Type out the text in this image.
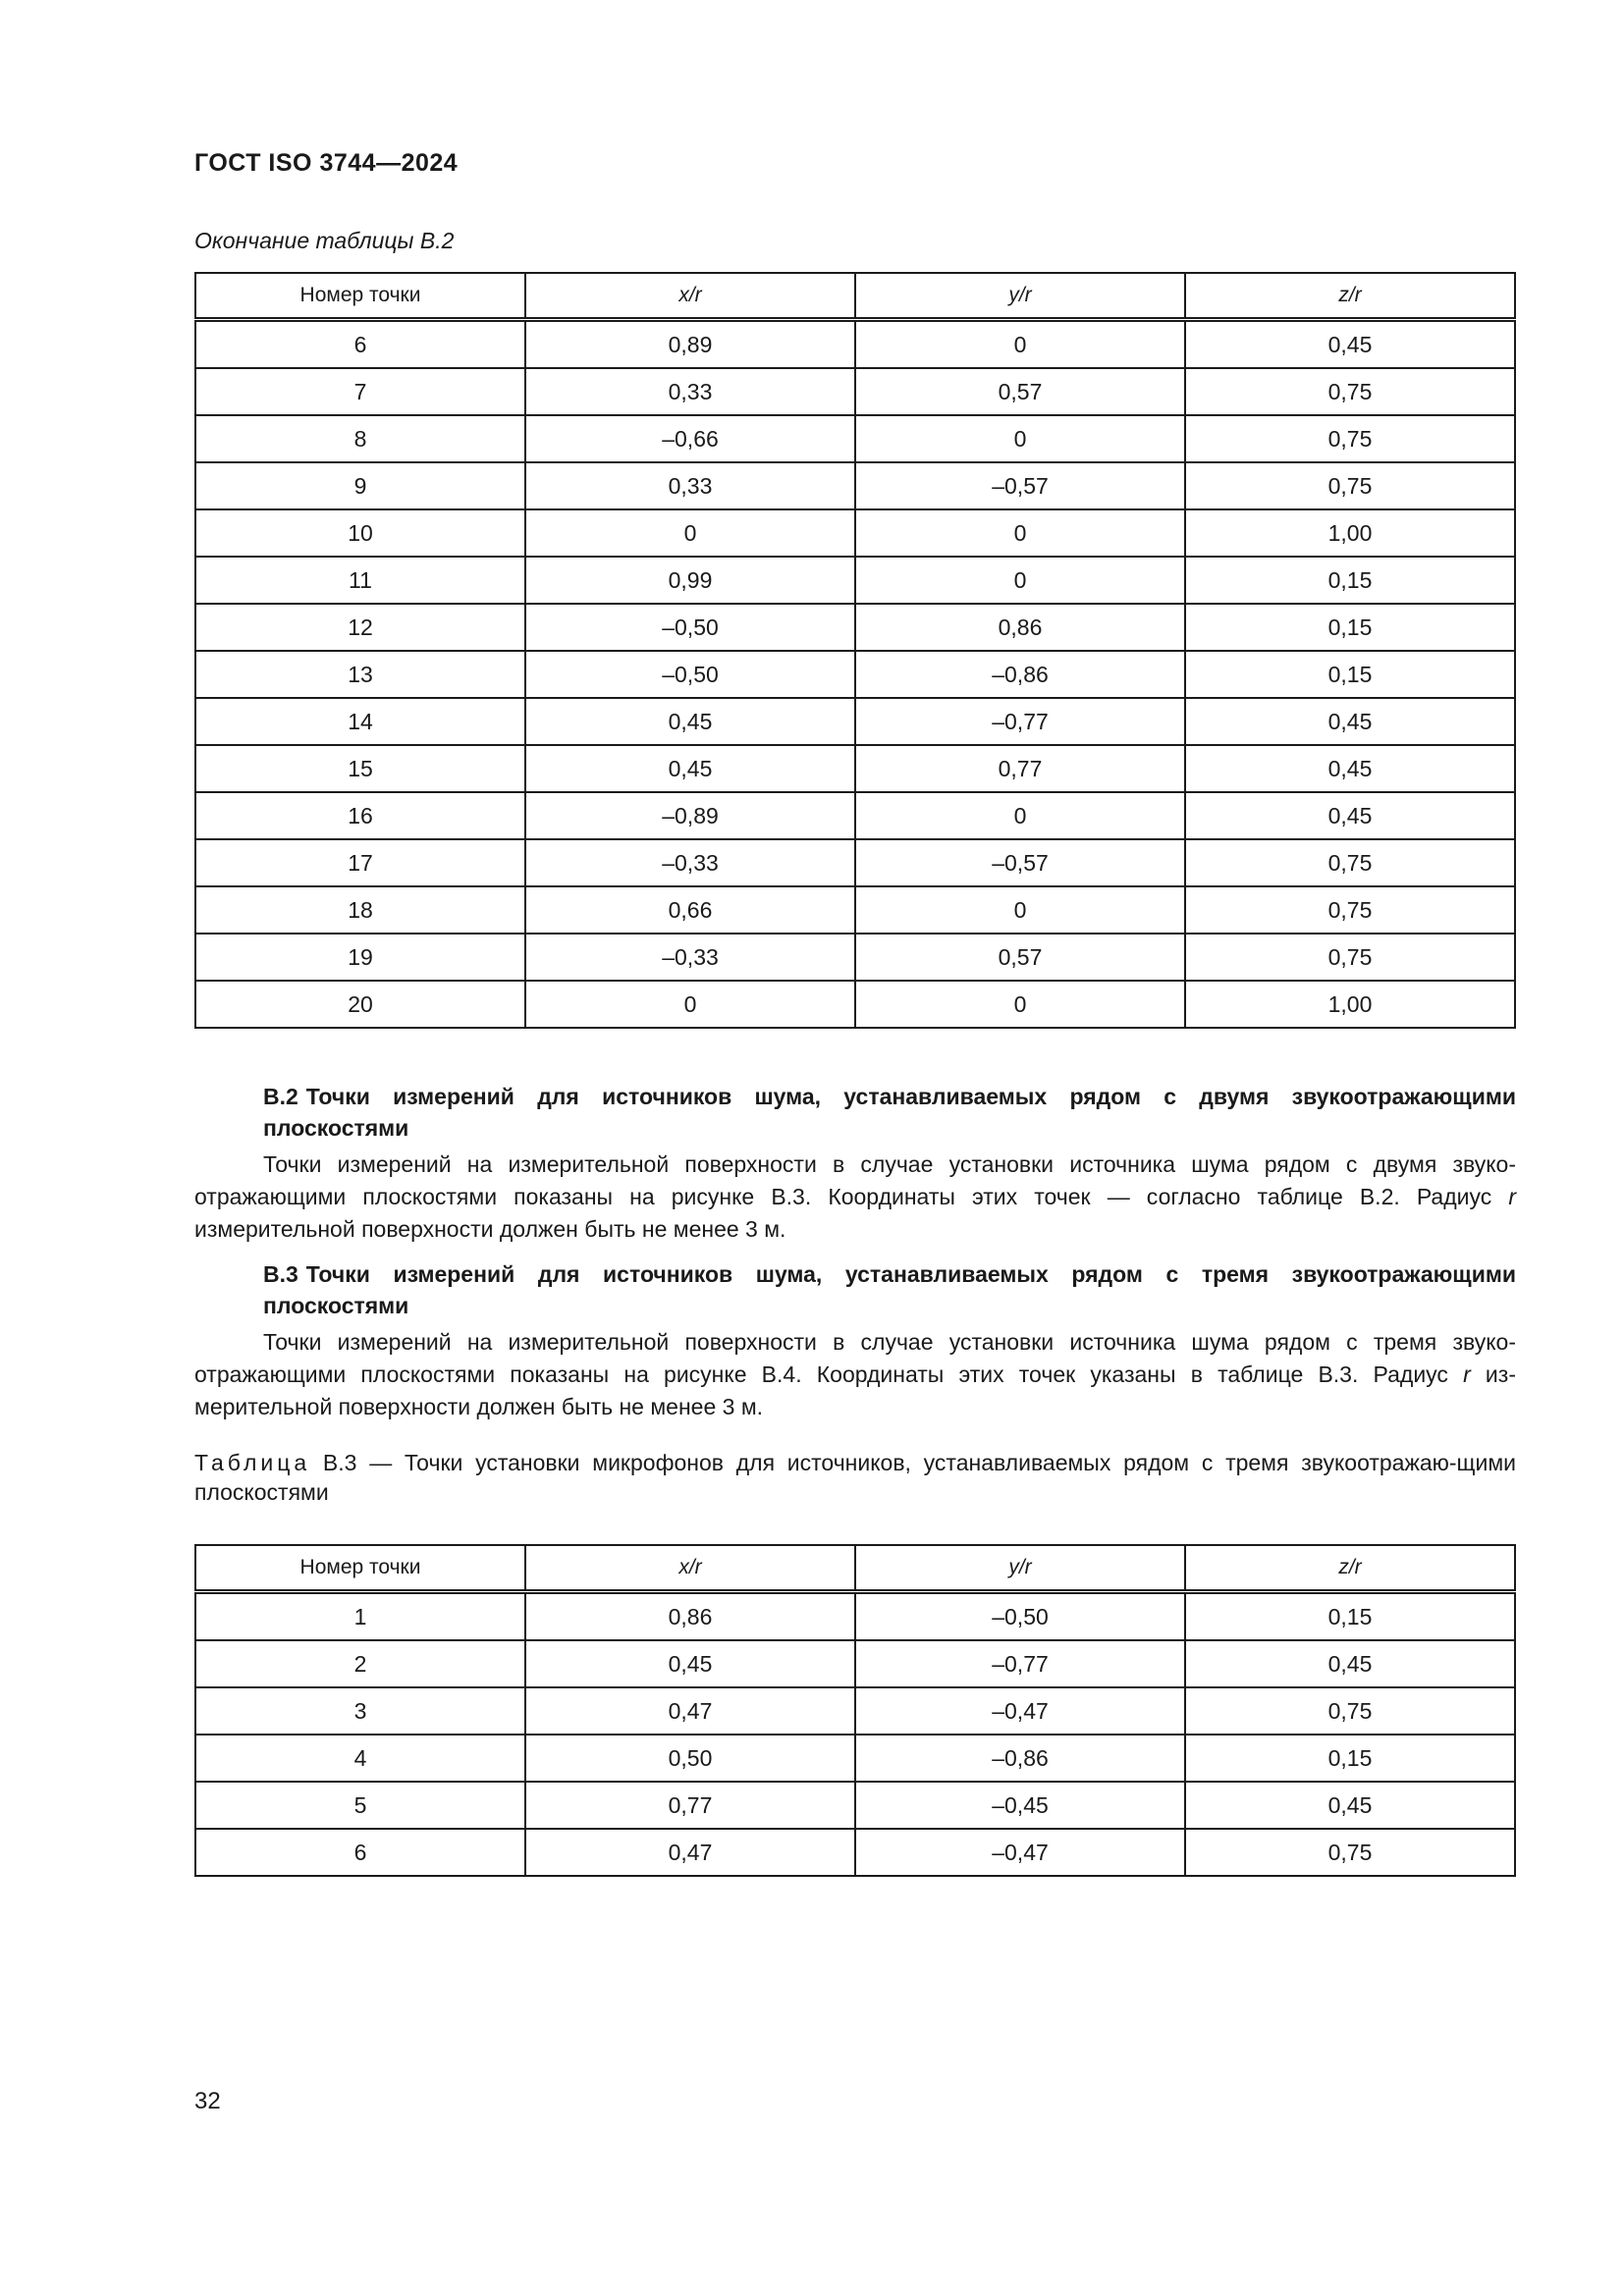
ГОСТ ISO 3744—2024
Окончание таблицы B.2
Номер точки	x/r	y/r	z/r
6	0,89	0	0,45
7	0,33	0,57	0,75
8	–0,66	0	0,75
9	0,33	–0,57	0,75
10	0	0	1,00
11	0,99	0	0,15
12	–0,50	0,86	0,15
13	–0,50	–0,86	0,15
14	0,45	–0,77	0,45
15	0,45	0,77	0,45
16	–0,89	0	0,45
17	–0,33	–0,57	0,75
18	0,66	0	0,75
19	–0,33	0,57	0,75
20	0	0	1,00
B.2 Точки измерений для источников шума, устанавливаемых рядом с двумя звукоотражающими плоскостями
Точки измерений на измерительной поверхности в случае установки источника шума рядом с двумя звуко-отражающими плоскостями показаны на рисунке B.3. Координаты этих точек — согласно таблице B.2. Радиус r измерительной поверхности должен быть не менее 3 м.
B.3 Точки измерений для источников шума, устанавливаемых рядом с тремя звукоотражающими плоскостями
Точки измерений на измерительной поверхности в случае установки источника шума рядом с тремя звуко-отражающими плоскостями показаны на рисунке B.4. Координаты этих точек указаны в таблице B.3. Радиус r из-мерительной поверхности должен быть не менее 3 м.
Таблица B.3 — Точки установки микрофонов для источников, устанавливаемых рядом с тремя звукоотражаю-щими плоскостями
Номер точки	x/r	y/r	z/r
1	0,86	–0,50	0,15
2	0,45	–0,77	0,45
3	0,47	–0,47	0,75
4	0,50	–0,86	0,15
5	0,77	–0,45	0,45
6	0,47	–0,47	0,75
32
